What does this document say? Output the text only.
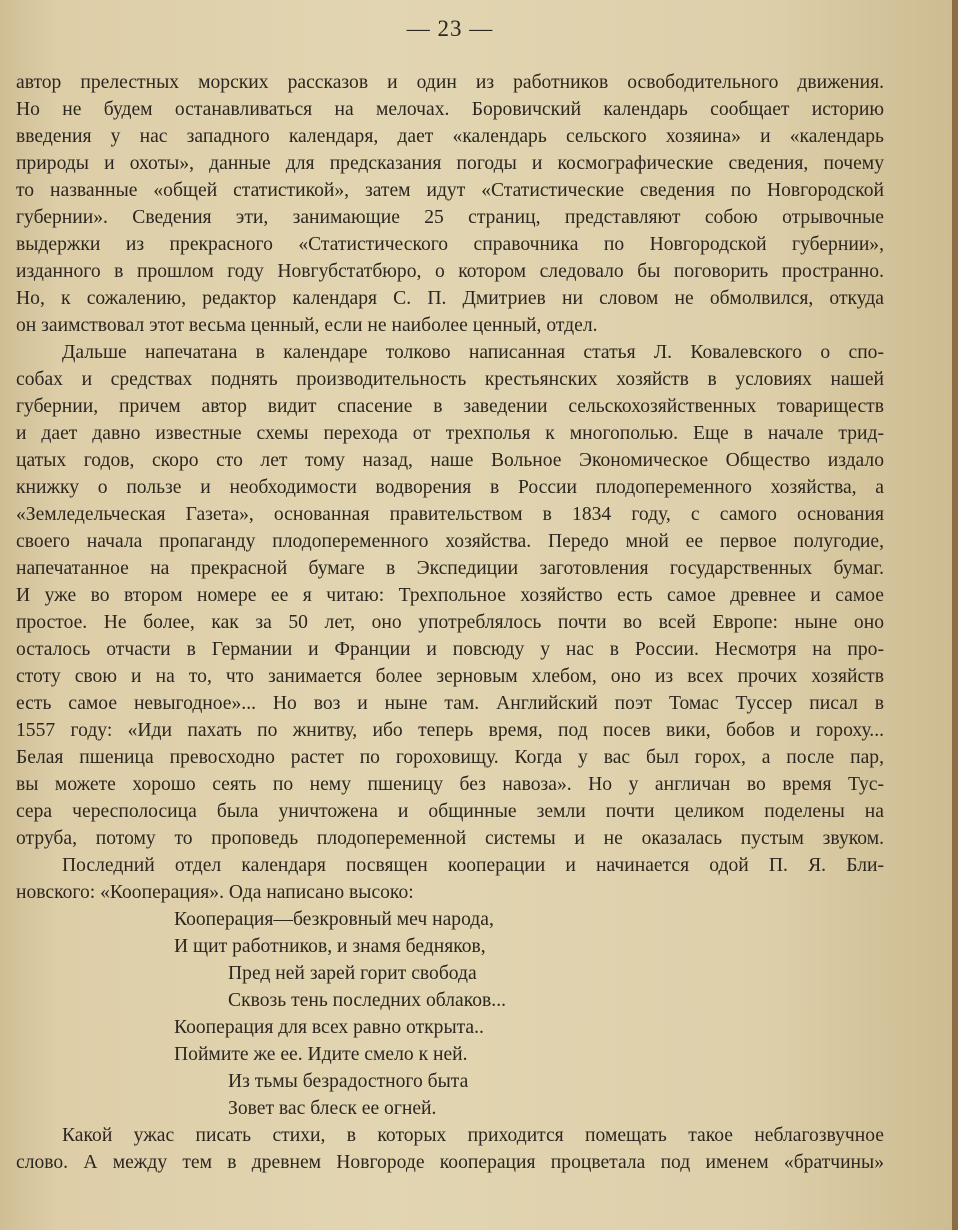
— 23 —
автор прелестных морских рассказов и один из работников освободительного движения.
Но не будем останавливаться на мелочах. Боровичский календарь сообщает историю
введения у нас западного календаря, дает «календарь сельского хозяина» и «календарь
природы и охоты», данные для предсказания погоды и космографические сведения, почему
то названные «общей статистикой», затем идут «Статистические сведения по Новгородской
губернии». Сведения эти, занимающие 25 страниц, представляют собою отрывочные
выдержки из прекрасного «Статистического справочника по Новгородской губернии»,
изданного в прошлом году Новгубстатбюро, о котором следовало бы поговорить пространно.
Но, к сожалению, редактор календаря С. П. Дмитриев ни словом не обмолвился, откуда
он заимствовал этот весьма ценный, если не наиболее ценный, отдел.
Дальше напечатана в календаре толково написанная статья Л. Ковалевского о спо-
собах и средствах поднять производительность крестьянских хозяйств в условиях нашей
губернии, причем автор видит спасение в заведении сельскохозяйственных товариществ
и дает давно известные схемы перехода от трехполья к многополью. Еще в начале трид-
цатых годов, скоро сто лет тому назад, наше Вольное Экономическое Общество издало
книжку о пользе и необходимости водворения в России плодопеременного хозяйства, а
«Земледельческая Газета», основанная правительством в 1834 году, с самого основания
своего начала пропаганду плодопеременного хозяйства. Передо мной ее первое полугодие,
напечатанное на прекрасной бумаге в Экспедиции заготовления государственных бумаг.
И уже во втором номере ее я читаю: Трехпольное хозяйство есть самое древнее и самое
простое. Не более, как за 50 лет, оно употреблялось почти во всей Европе: ныне оно
осталось отчасти в Германии и Франции и повсюду у нас в России. Несмотря на про-
стоту свою и на то, что занимается более зерновым хлебом, оно из всех прочих хозяйств
есть самое невыгодное»... Но воз и ныне там. Английский поэт Томас Туссер писал в
1557 году: «Иди пахать по жнитву, ибо теперь время, под посев вики, бобов и гороху...
Белая пшеница превосходно растет по гороховищу. Когда у вас был горох, а после пар,
вы можете хорошо сеять по нему пшеницу без навоза». Но у англичан во время Тус-
сера чересполосица была уничтожена и общинные земли почти целиком поделены на
отруба, потому то проповедь плодопеременной системы и не оказалась пустым звуком.
Последний отдел календаря посвящен кооперации и начинается одой П. Я. Бли-
новского: «Кооперация». Ода написано высоко:
Кооперация—безкровный меч народа,
И щит работников, и знамя бедняков,
Пред ней зарей горит свобода
Сквозь тень последних облаков...
Кооперация для всех равно открыта..
Поймите же ее. Идите смело к ней.
Из тьмы безрадостного быта
Зовет вас блеск ее огней.
Какой ужас писать стихи, в которых приходится помещать такое неблагозвучное
слово. А между тем в древнем Новгороде кооперация процветала под именем «братчины»
